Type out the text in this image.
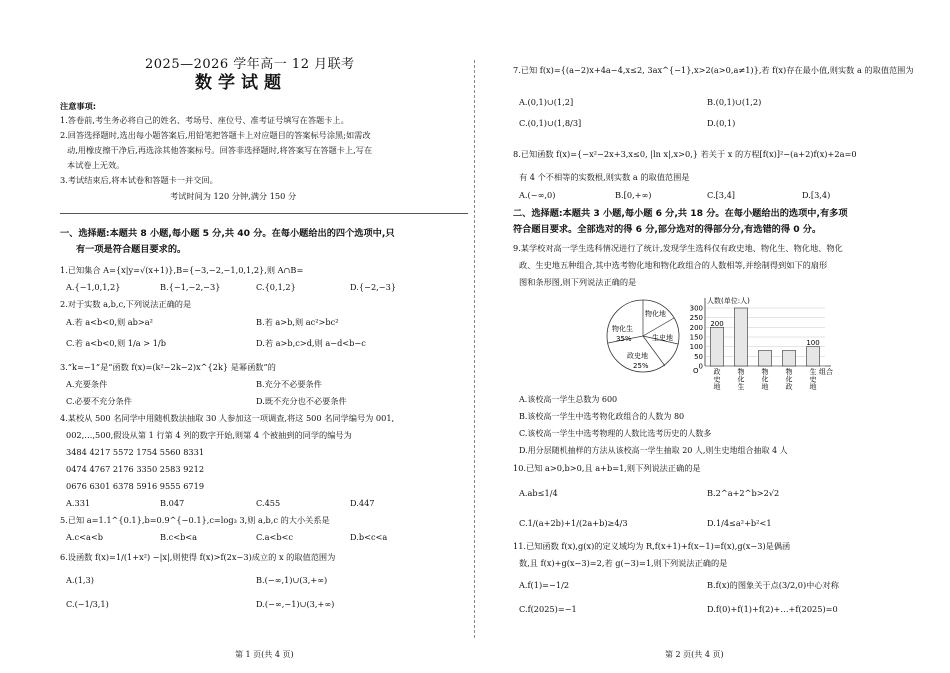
2025—2026 学年高一 12 月联考
数学试题
注意事项:
1.答卷前,考生务必将自己的姓名、考场号、座位号、准考证号填写在答题卡上。
2.回答选择题时,选出每小题答案后,用铅笔把答题卡上对应题目的答案标号涂黑;如需改
动,用橡皮擦干净后,再选涂其他答案标号。回答非选择题时,将答案写在答题卡上,写在
本试卷上无效。
3.考试结束后,将本试卷和答题卡一并交回。
考试时间为 120 分钟,满分 150 分
一、选择题:本题共 8 小题,每小题 5 分,共 40 分。在每小题给出的四个选项中,只
有一项是符合题目要求的。
1.已知集合 A={x|y=√(x+1)},B={−3,−2,−1,0,1,2},则 A∩B=
A.{−1,0,1,2}	B.{−1,−2,−3}	C.{0,1,2}	D.{−2,−3}
2.对于实数 a,b,c,下列说法正确的是
A.若 a<b<0,则 ab>a²	B.若 a>b,则 ac²>bc²
C.若 a<b<0,则 1/a > 1/b	D.若 a>b,c>d,则 a−d<b−c
3.“k=−1”是“函数 f(x)=(k²−2k−2)x^{2k} 是幂函数”的
A.充要条件	B.充分不必要条件
C.必要不充分条件	D.既不充分也不必要条件
4.某校从 500 名同学中用随机数法抽取 30 人参加这一项调查,将这 500 名同学编号为 001,
002,…,500,假设从第 1 行第 4 列的数字开始,则第 4 个被抽到的同学的编号为
3484 4217 5572 1754 5560 8331
0474 4767 2176 3350 2583 9212
0676 6301 6378 5916 9555 6719
A.331	B.047	C.455	D.447
5.已知 a=1.1^{0.1},b=0.9^{−0.1},c=log₃ 3,则 a,b,c 的大小关系是
A.c<a<b	B.c<b<a	C.a<b<c	D.b<c<a
6.设函数 f(x)=1/(1+x²) −|x|,则使得 f(x)>f(2x−3)成立的 x 的取值范围为
A.(1,3)	B.(−∞,1)∪(3,+∞)
C.(−1/3,1)	D.(−∞,−1)∪(3,+∞)
第 1 页(共 4 页)
7.已知 f(x)={(a−2)x+4a−4,x≤2, 3ax^{−1},x>2(a>0,a≠1)},若 f(x)存在最小值,则实数 a 的取值范围为
A.(0,1)∪(1,2]	B.(0,1)∪(1,2)
C.(0,1)∪(1,8/3]	D.(0,1)
8.已知函数 f(x)={−x²−2x+3,x≤0, |ln x|,x>0,} 若关于 x 的方程[f(x)]²−(a+2)f(x)+2a=0
有 4 个不相等的实数根,则实数 a 的取值范围是
A.(−∞,0)	B.[0,+∞)	C.[3,4]	D.[3,4)
二、选择题:本题共 3 小题,每小题 6 分,共 18 分。在每小题给出的选项中,有多项
符合题目要求。全部选对的得 6 分,部分选对的得部分分,有选错的得 0 分。
9.某学校对高一学生选科情况进行了统计,发现学生选科仅有政史地、物化生、物化地、物化
政、生史地五种组合,其中选考物化地和物化政组合的人数相等,并绘制得到如下的扇形
图和条形图,则下列说法正确的是
物化地
物化生
35%	生史地
政史地
25%
人数(单位:人)
O	组合
0
50
100
150
200
250
300
200
政
史
地
物
化
生
物
化
地
物
化
政
100
生
史
地
A.该校高一学生总数为 600
B.该校高一学生中选考物化政组合的人数为 80
C.该校高一学生中选考物理的人数比选考历史的人数多
D.用分层随机抽样的方法从该校高一学生抽取 20 人,则生史地组合抽取 4 人
10.已知 a>0,b>0,且 a+b=1,则下列说法正确的是
A.ab≤1/4	B.2^a+2^b>2√2
C.1/(a+2b)+1/(2a+b)≥4/3	D.1/4≤a²+b²<1
11.已知函数 f(x),g(x)的定义域均为 R,f(x+1)+f(x−1)=f(x),g(x−3)是偶函
数,且 f(x)+g(x−3)=2,若 g(−3)=1,则下列说法正确的是
A.f(1)=−1/2	B.f(x)的图象关于点(3/2,0)中心对称
C.f(2025)=−1	D.f(0)+f(1)+f(2)+…+f(2025)=0
第 2 页(共 4 页)
